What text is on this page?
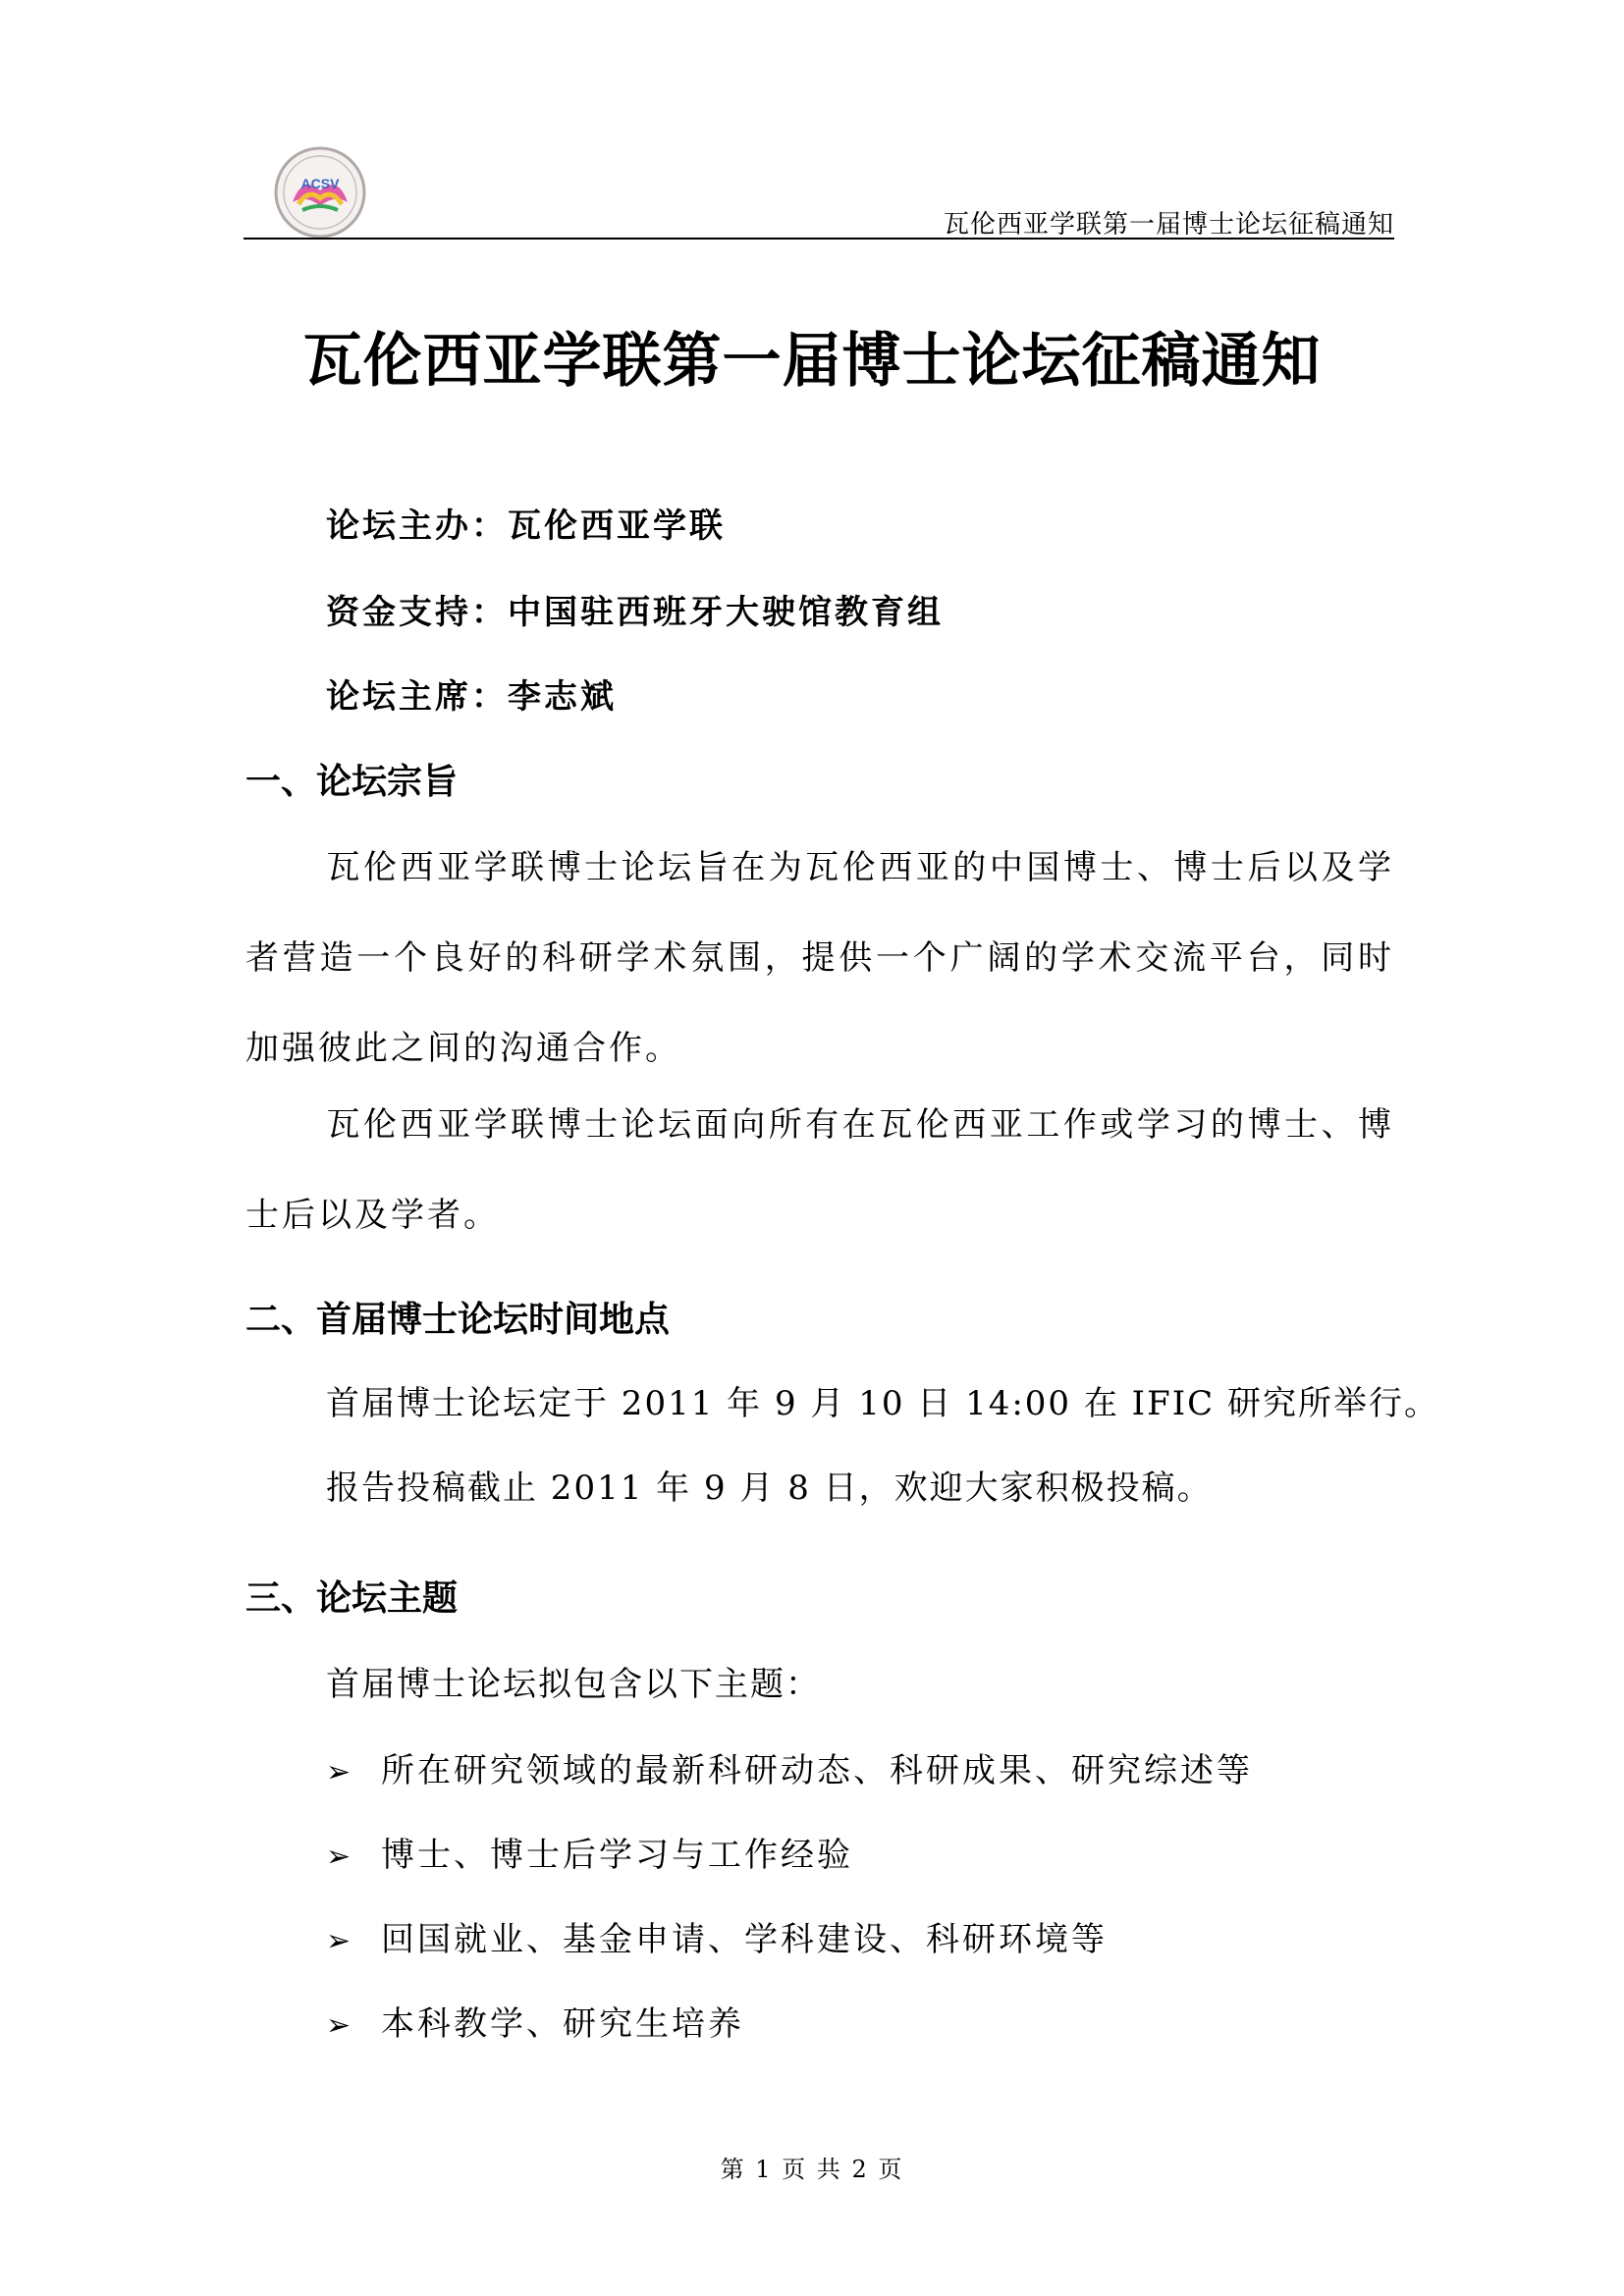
ACSV
瓦伦西亚学联第一届博士论坛征稿通知
瓦伦西亚学联第一届博士论坛征稿通知
论坛主办：瓦伦西亚学联
资金支持：中国驻西班牙大驶馆教育组
论坛主席：李志斌
一、论坛宗旨
瓦伦西亚学联博士论坛旨在为瓦伦西亚的中国博士、博士后以及学者营造一个良好的科研学术氛围，提供一个广阔的学术交流平台，同时加强彼此之间的沟通合作。
瓦伦西亚学联博士论坛面向所有在瓦伦西亚工作或学习的博士、博士后以及学者。
二、首届博士论坛时间地点
首届博士论坛定于 2011 年 9 月 10 日 14:00 在 IFIC 研究所举行。
报告投稿截止 2011 年 9 月 8 日，欢迎大家积极投稿。
三、论坛主题
首届博士论坛拟包含以下主题：
➢ 所在研究领域的最新科研动态、科研成果、研究综述等
➢ 博士、博士后学习与工作经验
➢ 回国就业、基金申请、学科建设、科研环境等
➢ 本科教学、研究生培养
第 1 页 共 2 页
